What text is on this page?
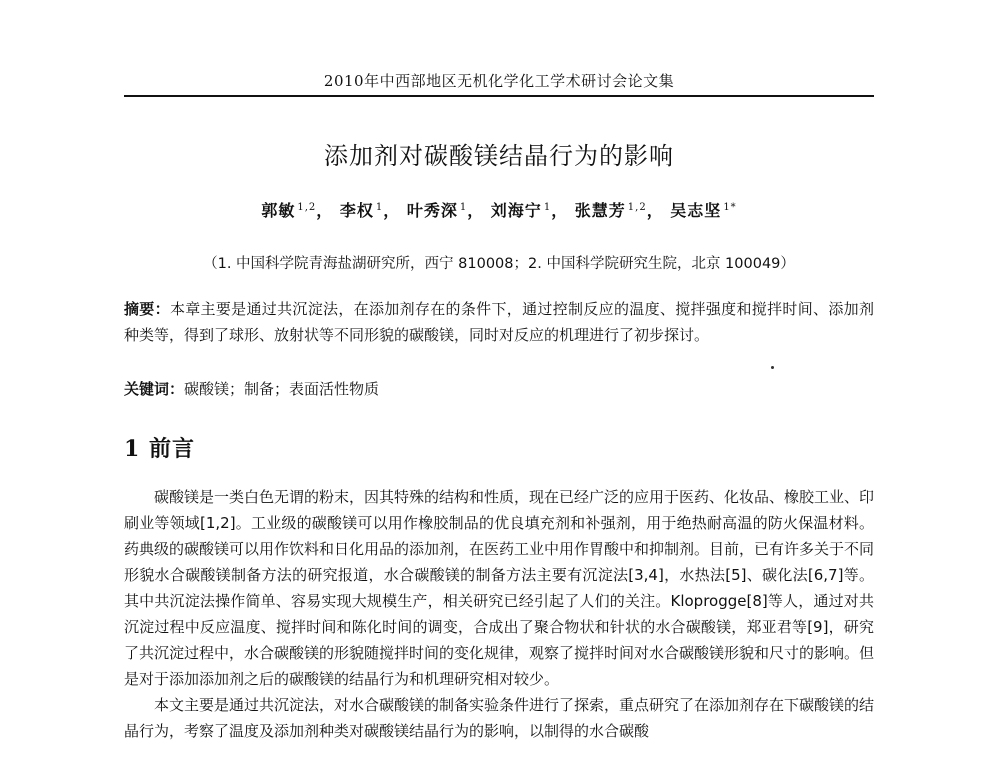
2010年中西部地区无机化学化工学术研讨会论文集
添加剂对碳酸镁结晶行为的影响
郭敏 $^{1,2}$， 李权 $^1$， 叶秀深 $^1$， 刘海宁 $^1$， 张慧芳 $^{1,2}$， 吴志坚 $^{1*}$
（1. 中国科学院青海盐湖研究所，西宁 810008；2. 中国科学院研究生院，北京 100049）
摘要：本章主要是通过共沉淀法，在添加剂存在的条件下，通过控制反应的温度、搅拌强度和搅拌时间、添加剂种类等，得到了球形、放射状等不同形貌的碳酸镁，同时对反应的机理进行了初步探讨。
关键词：碳酸镁；制备；表面活性物质
1 前言

碳酸镁是一类白色无谓的粉末，因其特殊的结构和性质，现在已经广泛的应用于医药、化妆品、橡胶工业、印刷业等领域[1,2]。工业级的碳酸镁可以用作橡胶制品的优良填充剂和补强剂，用于绝热耐高温的防火保温材料。药典级的碳酸镁可以用作饮料和日化用品的添加剂，在医药工业中用作胃酸中和抑制剂。目前，已有许多关于不同形貌水合碳酸镁制备方法的研究报道，水合碳酸镁的制备方法主要有沉淀法[3,4]，水热法[5]、碳化法[6,7]等。其中共沉淀法操作简单、容易实现大规模生产，相关研究已经引起了人们的关注。Kloprogge[8]等人，通过对共沉淀过程中反应温度、搅拌时间和陈化时间的调变，合成出了聚合物状和针状的水合碳酸镁，郑亚君等[9]，研究了共沉淀过程中，水合碳酸镁的形貌随搅拌时间的变化规律，观察了搅拌时间对水合碳酸镁形貌和尺寸的影响。但是对于添加添加剂之后的碳酸镁的结晶行为和机理研究相对较少。

本文主要是通过共沉淀法，对水合碳酸镁的制备实验条件进行了探索，重点研究了在添加剂存在下碳酸镁的结晶行为，考察了温度及添加剂种类对碳酸镁结晶行为的影响，以制得的水合碳酸
